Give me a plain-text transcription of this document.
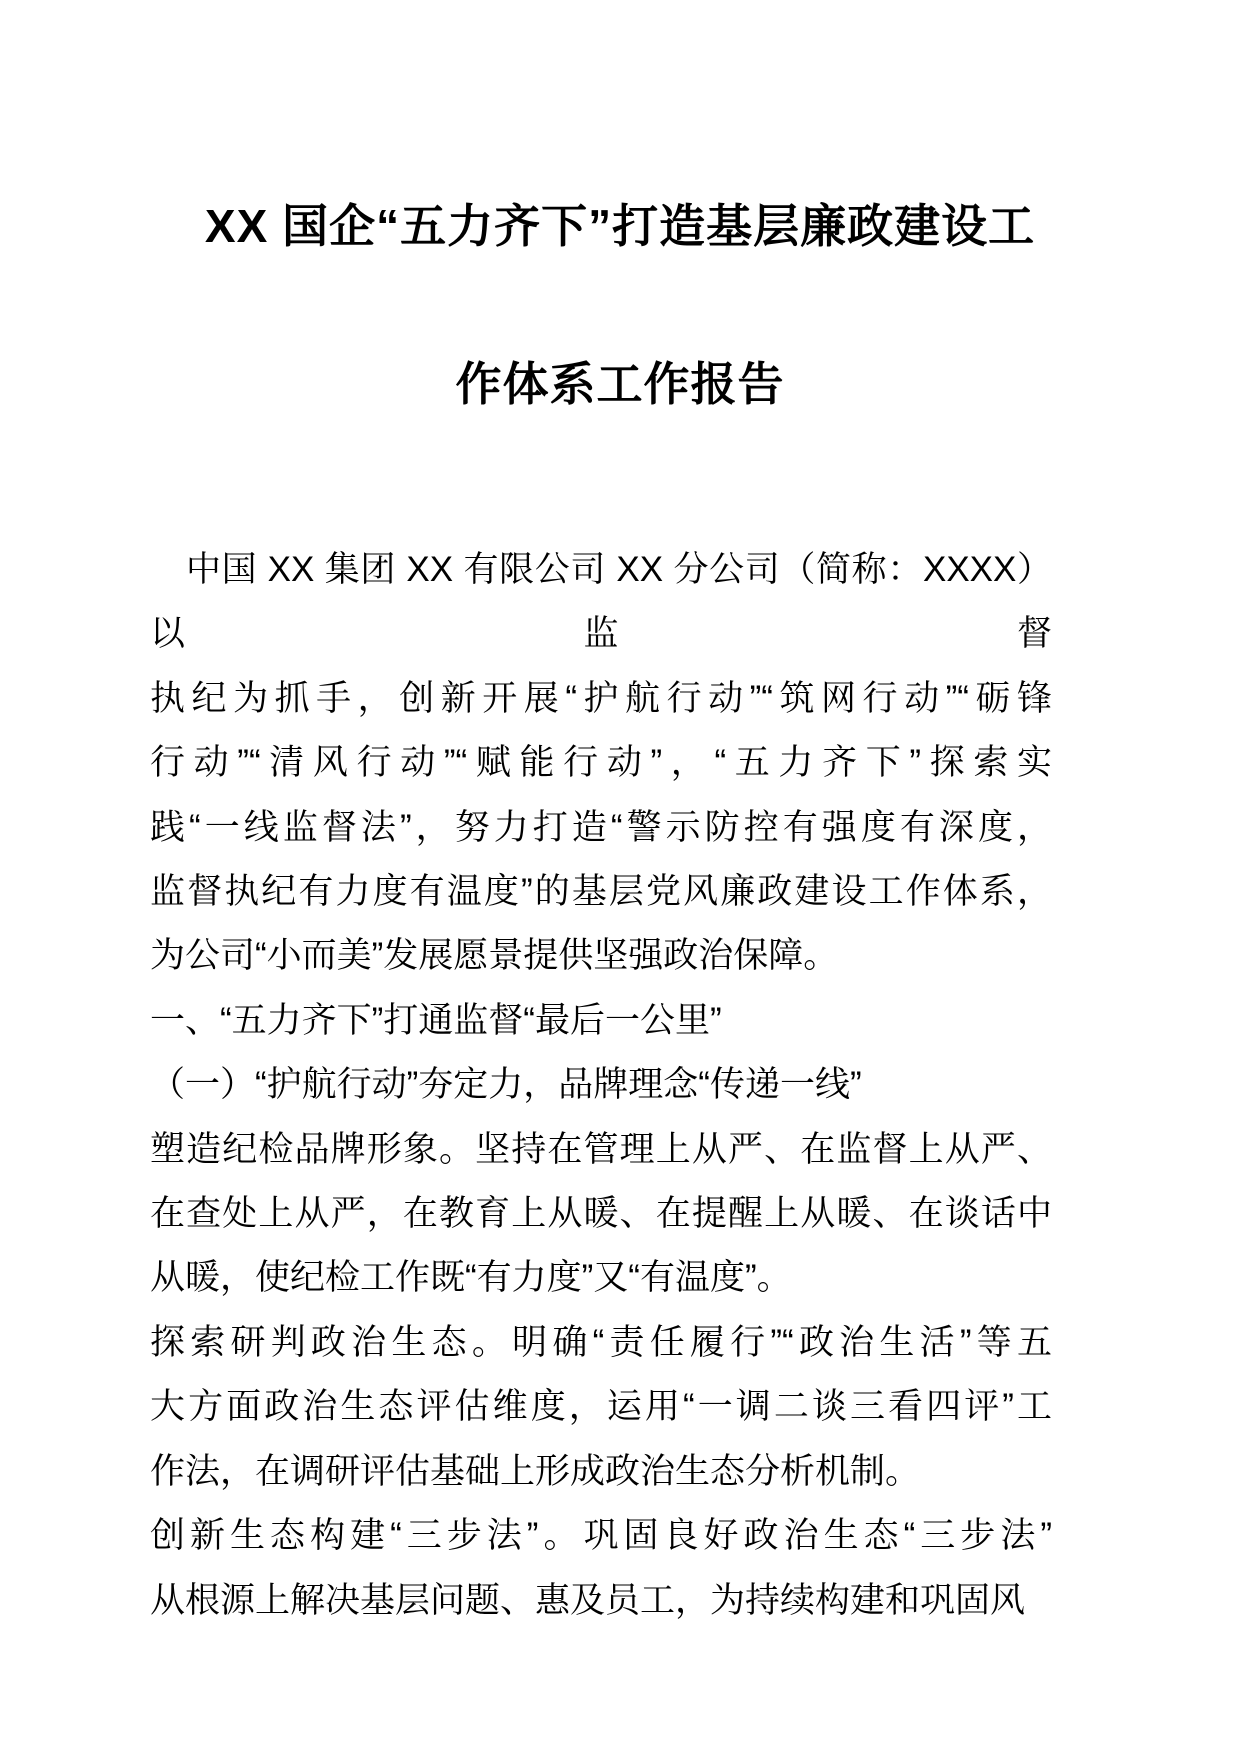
XX 国企“五力齐下”打造基层廉政建设工
作体系工作报告
中国 XX 集团 XX 有限公司 XX 分公司（简称：XXXX）以监督
执纪为抓手，创新开展“护航行动”“筑网行动”“砺锋
行动”“清风行动”“赋能行动”，“五力齐下”探索实
践“一线监督法”，努力打造“警示防控有强度有深度，
监督执纪有力度有温度”的基层党风廉政建设工作体系，
为公司“小而美”发展愿景提供坚强政治保障。
一、“五力齐下”打通监督“最后一公里”
（一）“护航行动”夯定力，品牌理念“传递一线”
塑造纪检品牌形象。坚持在管理上从严、在监督上从严、
在查处上从严，在教育上从暖、在提醒上从暖、在谈话中
从暖，使纪检工作既“有力度”又“有温度”。
探索研判政治生态。明确“责任履行”“政治生活”等五
大方面政治生态评估维度，运用“一调二谈三看四评”工
作法，在调研评估基础上形成政治生态分析机制。
创新生态构建“三步法”。巩固良好政治生态“三步法”
从根源上解决基层问题、惠及员工，为持续构建和巩固风
